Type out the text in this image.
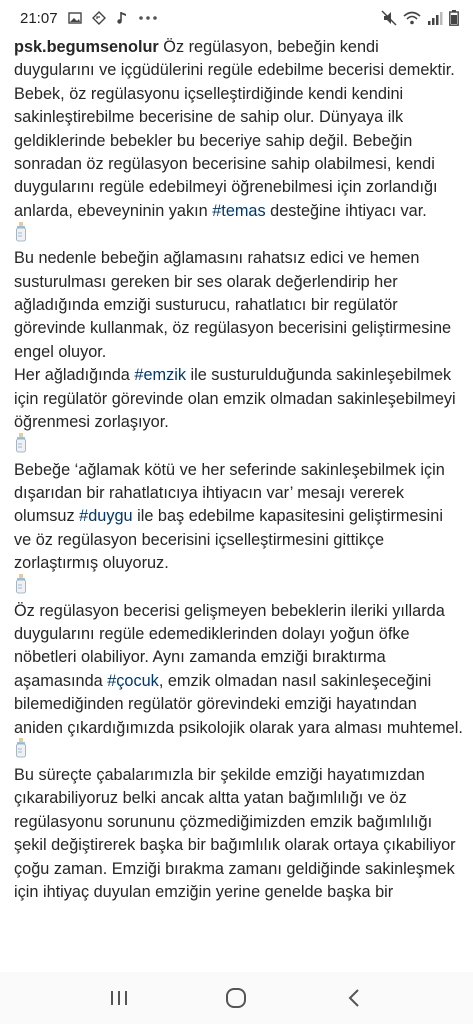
21:07

psk.begumsenolur Öz regülasyon, bebeğin kendi duygularını ve içgüdülerini regüle edebilme becerisi demektir. Bebek, öz regülasyonu içselleştirdiğinde kendi kendini sakinleştirebilme becerisine de sahip olur. Dünyaya ilk geldiklerinde bebekler bu beceriye sahip değil. Bebeğin sonradan öz regülasyon becerisine sahip olabilmesi, kendi duygularını regüle edebilmeyi öğrenebilmesi için zorlandığı anlarda, ebeveyninin yakın #temas desteğine ihtiyacı var.

Bu nedenle bebeğin ağlamasını rahatsız edici ve hemen susturulması gereken bir ses olarak değerlendirip her ağladığında emziği susturucu, rahatlatıcı bir regülatör görevinde kullanmak, öz regülasyon becerisini geliştirmesine engel oluyor.

Her ağladığında #emzik ile susturulduğunda sakinleşebilmek için regülatör görevinde olan emzik olmadan sakinleşebilmeyi öğrenmesi zorlaşıyor.

Bebeğe ‘ağlamak kötü ve her seferinde sakinleşebilmek için dışarıdan bir rahatlatıcıya ihtiyacın var’ mesajı vererek olumsuz #duygu ile baş edebilme kapasitesini geliştirmesini ve öz regülasyon becerisini içselleştirmesini gittikçe zorlaştırmış oluyoruz.

Öz regülasyon becerisi gelişmeyen bebeklerin ileriki yıllarda duygularını regüle edemediklerinden dolayı yoğun öfke nöbetleri olabiliyor. Aynı zamanda emziği bıraktırma aşamasında #çocuk, emzik olmadan nasıl sakinleşeceğini bilemediğinden regülatör görevindeki emziği hayatından aniden çıkardığımızda psikolojik olarak yara alması muhtemel.

Bu süreçte çabalarımızla bir şekilde emziği hayatımızdan çıkarabiliyoruz belki ancak altta yatan bağımlılığı ve öz regülasyonu sorununu çözmediğimizden emzik bağımlılığı şekil değiştirerek başka bir bağımlılık olarak ortaya çıkabiliyor çoğu zaman. Emziği bırakma zamanı geldiğinde sakinleşmek için ihtiyaç duyulan emziğin yerine genelde başka bir
